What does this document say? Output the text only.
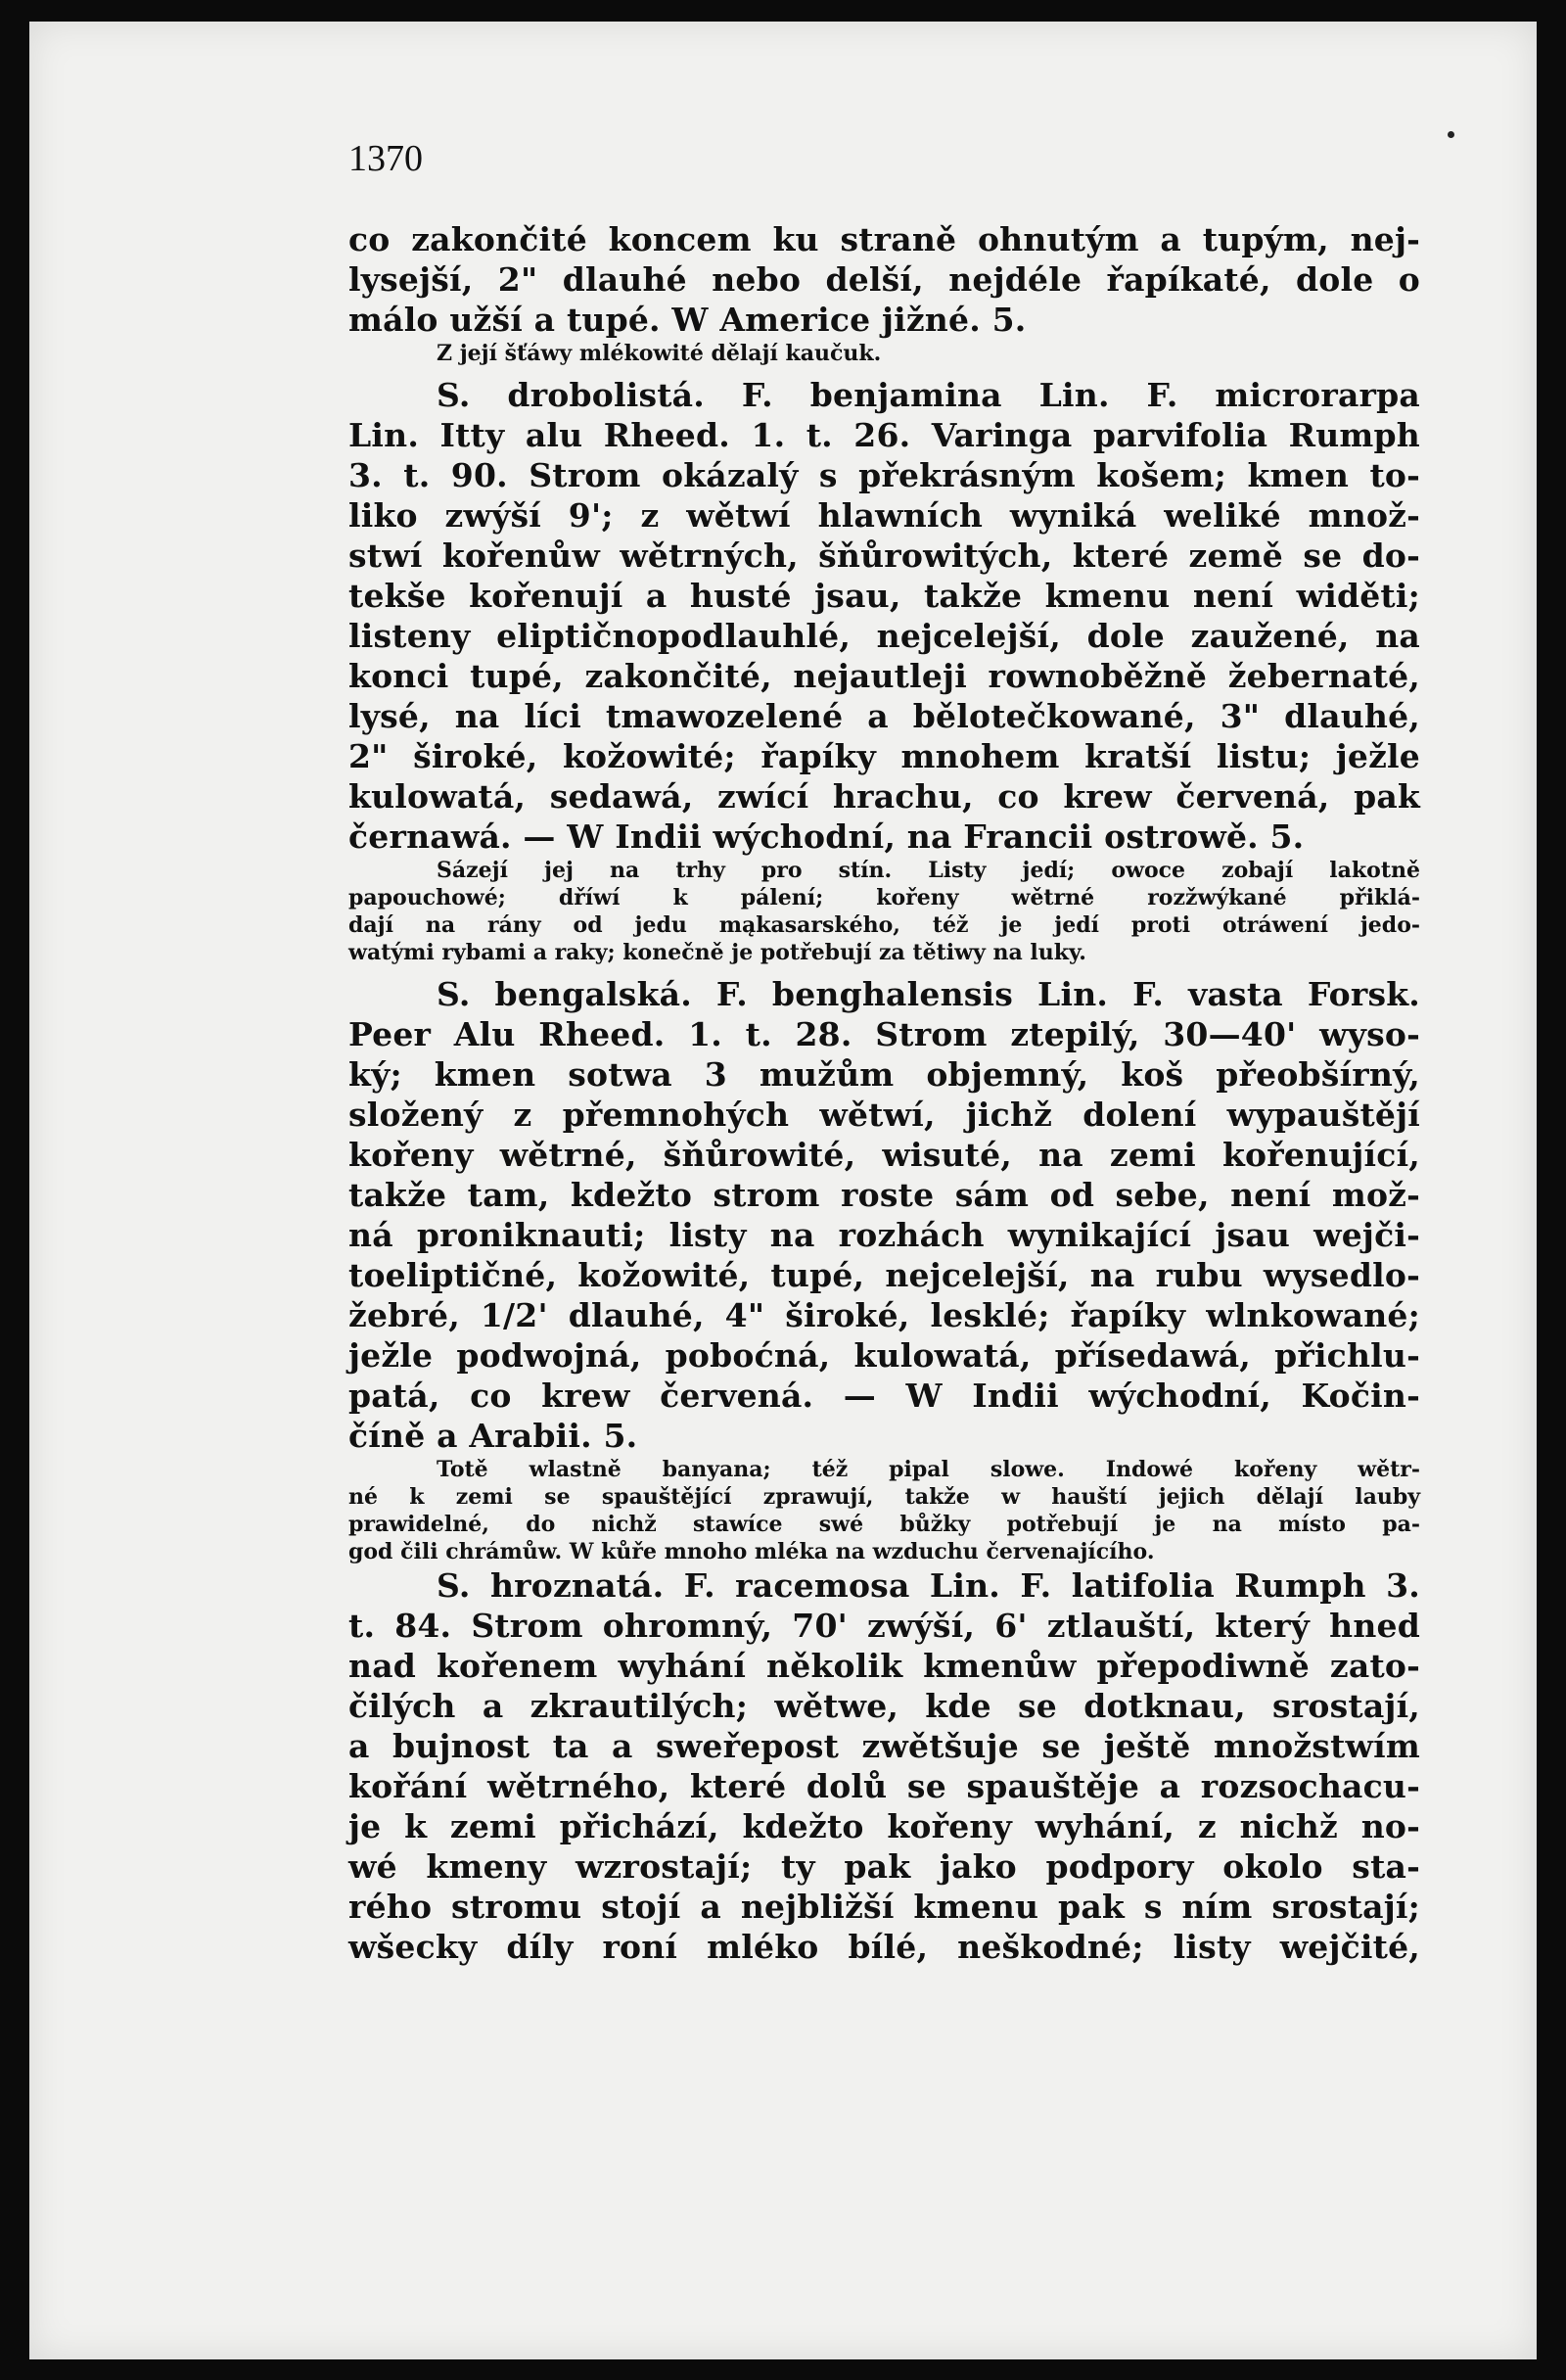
1370
co zakončité koncem ku straně ohnutým a tupým, nej-
lysejší, 2" dlauhé nebo delší, nejdéle řapíkaté, dole o
málo užší a tupé. W Americe jižné. 5.
Z její šťáwy mlékowité dělají kaučuk.
S. drobolistá. F. benjamina Lin. F. microrarpa
Lin. Itty alu Rheed. 1. t. 26. Varinga parvifolia Rumph
3. t. 90. Strom okázalý s překrásným košem; kmen to-
liko zwýší 9'; z wětwí hlawních wyniká weliké množ-
stwí kořenůw wětrných, šňůrowitých, které země se do-
tekše kořenují a husté jsau, takže kmenu není widěti;
listeny eliptičnopodlauhlé, nejcelejší, dole zaužené, na
konci tupé, zakončité, nejautleji rownoběžně žebernaté,
lysé, na líci tmawozelené a bělotečkowané, 3" dlauhé,
2" široké, kožowité; řapíky mnohem kratší listu; ježle
kulowatá, sedawá, zwící hrachu, co krew červená, pak
černawá. — W Indii wýchodní, na Francii ostrowě. 5.
Sázejí jej na trhy pro stín. Listy jedí; owoce zobají lakotně
papouchowé; dříwí k pálení; kořeny wětrné rozžwýkané přiklá-
dají na rány od jedu mąkasarského, též je jedí proti otráwení jedo-
watými rybami a raky; konečně je potřebují za tětiwy na luky.
S. bengalská. F. benghalensis Lin. F. vasta Forsk.
Peer Alu Rheed. 1. t. 28. Strom ztepilý, 30—40' wyso-
ký; kmen sotwa 3 mužům objemný, koš přeobšírný,
složený z přemnohých wětwí, jichž dolení wypauštějí
kořeny wětrné, šňůrowité, wisuté, na zemi kořenující,
takže tam, kdežto strom roste sám od sebe, není mož-
ná proniknauti; listy na rozhách wynikající jsau wejči-
toeliptičné, kožowité, tupé, nejcelejší, na rubu wysedlo-
žebré, 1/2' dlauhé, 4" široké, lesklé; řapíky wlnkowané;
ježle podwojná, poboćná, kulowatá, přísedawá, přichlu-
patá, co krew červená. — W Indii wýchodní, Kočin-
číně a Arabii. 5.
Totě wlastně banyana; též pipal slowe. Indowé kořeny wětr-
né k zemi se spauštějící zprawují, takže w hauští jejich dělají lauby
prawidelné, do nichž stawíce swé bůžky potřebují je na místo pa-
god čili chrámůw. W kůře mnoho mléka na wzduchu červenajícího.
S. hroznatá. F. racemosa Lin. F. latifolia Rumph 3.
t. 84. Strom ohromný, 70' zwýší, 6' ztlauští, který hned
nad kořenem wyhání několik kmenůw přepodiwně zato-
čilých a zkrautilých; wětwe, kde se dotknau, srostají,
a bujnost ta a sweřepost zwětšuje se ještě množstwím
kořání wětrného, které dolů se spauštěje a rozsochacu-
je k zemi přichází, kdežto kořeny wyhání, z nichž no-
wé kmeny wzrostají; ty pak jako podpory okolo sta-
rého stromu stojí a nejbližší kmenu pak s ním srostají;
wšecky díly roní mléko bílé, neškodné; listy wejčité,
